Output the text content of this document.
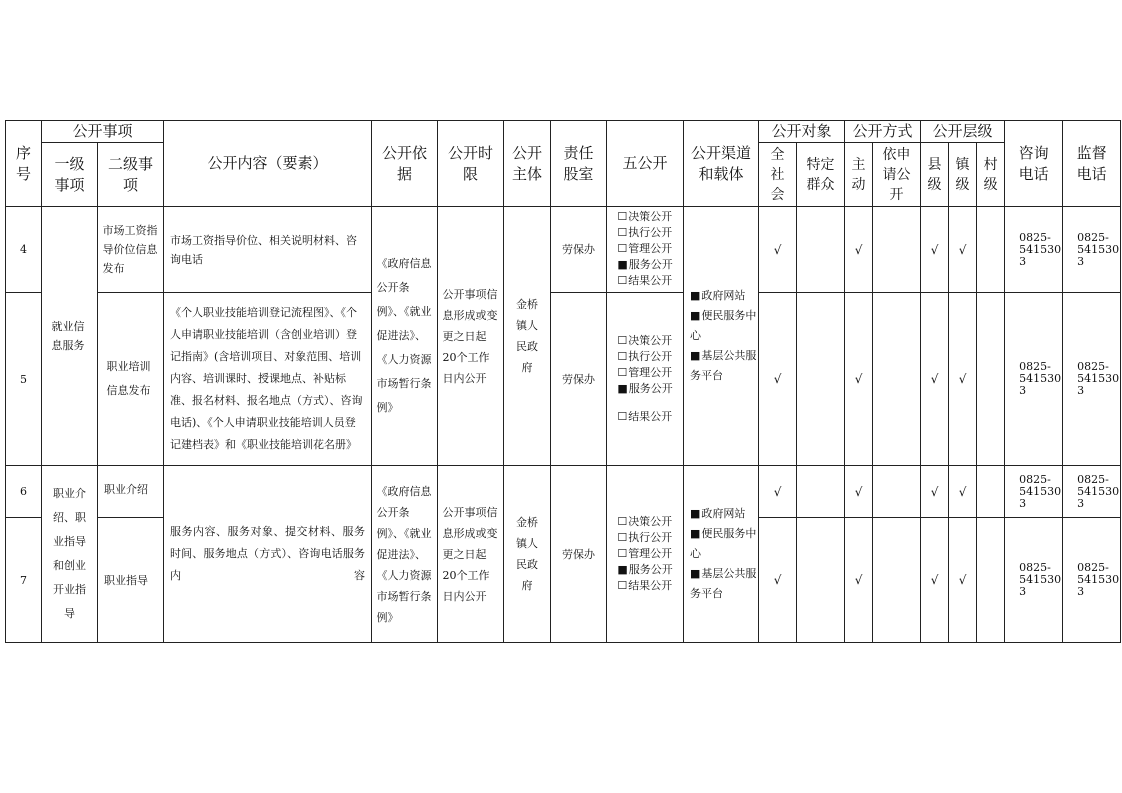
序号	公开事项		公开内容（要素）	公开依据	公开时限	公开主体	责任股室	五公开	公开渠道和载体	公开对象		公开方式		公开层级			咨询电话	监督电话
	一级事项	二级事项								全社会	特定群众	主动	依申请公开	县级	镇级	村级		
4	就业信息服务	市场工资指导价位信息发布	市场工资指导价位、相关说明材料、咨询电话	《政府信息公开条例》、《就业促进法》、《人力资源市场暂行条例》	公开事项信息形成或变更之日起20个工作日内公开	金桥镇人民政府	劳保办	☐决策公开
☐执行公开
☐管理公开
■服务公开
☐结果公开	■政府网站
■便民服务中心
■基层公共服务平台	√		√		√	√		0825-
541530
3	0825-
541530
3
5		职业培训信息发布	《个人职业技能培训登记流程图》、《个人申请职业技能培训（含创业培训）登记指南》(含培训项目、对象范围、培训内容、培训课时、授课地点、补贴标准、报名材料、报名地点（方式）、咨询电话)、《个人申请职业技能培训人员登记建档表》和《职业技能培训花名册》				劳保办	☐决策公开
☐执行公开
☐管理公开
■服务公开
☐结果公开		√		√		√	√		0825-
541530
3	0825-
541530
3
6	职业介绍、职业指导和创业开业指导	职业介绍	服务内容、服务对象、提交材料、服务时间、服务地点（方式）、咨询电话服务内容	《政府信息公开条例》、《就业促进法》、《人力资源市场暂行条例》	公开事项信息形成或变更之日起20个工作日内公开	金桥镇人民政府	劳保办	☐决策公开
☐执行公开
☐管理公开
■服务公开
☐结果公开	■政府网站
■便民服务中心
■基层公共服务平台	√		√		√	√		0825-
541530
3	0825-
541530
3
7		职业指导								√		√		√	√		0825-
541530
3	0825-
541530
3
